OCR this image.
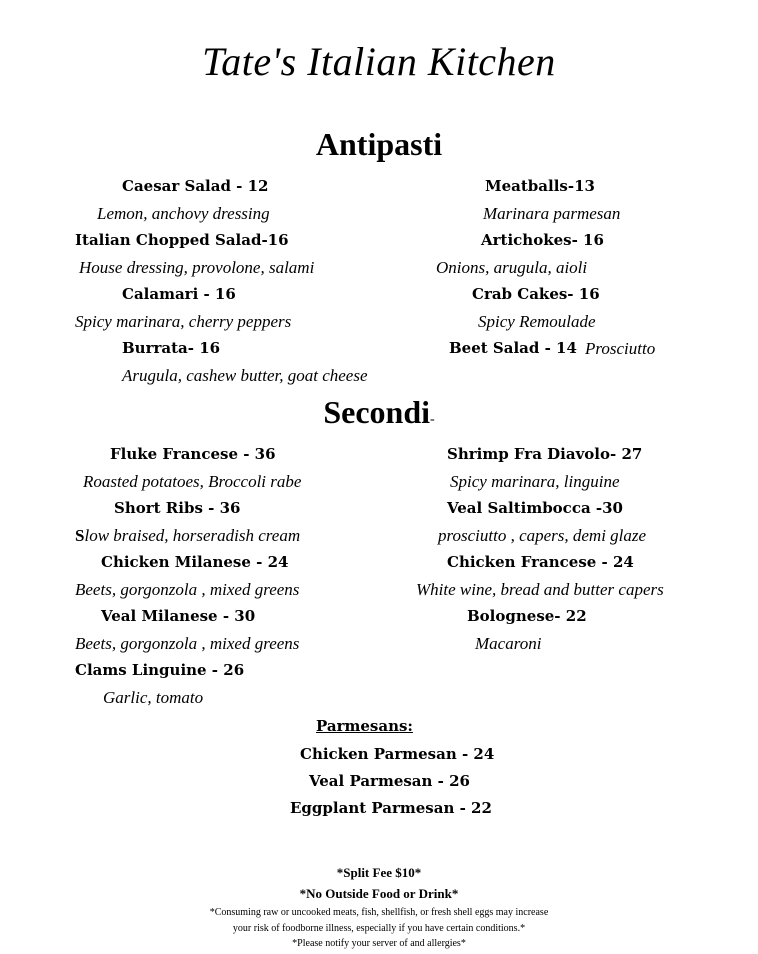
Tate's Italian Kitchen
Antipasti
Caesar Salad - 12
Lemon, anchovy dressing
Italian Chopped Salad-16
House dressing, provolone, salami
Calamari - 16
Spicy marinara, cherry peppers
Burrata- 16
Arugula, cashew butter, goat cheese
Meatballs-13
Marinara parmesan
Artichokes- 16
Onions, arugula, aioli
Crab Cakes- 16
Spicy Remoulade
Beet Salad - 14 Prosciutto
Secondi-
Fluke Francese - 36
Roasted potatoes, Broccoli rabe
Short Ribs - 36
Slow braised, horseradish cream
Chicken Milanese - 24
Beets, gorgonzola , mixed greens
Veal Milanese - 30
Beets, gorgonzola , mixed greens
Clams Linguine - 26
Garlic, tomato
Shrimp Fra Diavolo- 27
Spicy marinara, linguine
Veal Saltimbocca -30
prosciutto , capers, demi glaze
Chicken Francese - 24
White wine, bread and butter capers
Bolognese- 22
Macaroni
Parmesans:
Chicken Parmesan - 24
Veal Parmesan - 26
Eggplant Parmesan - 22
*Split Fee $10*
*No Outside Food or Drink*
*Consuming raw or uncooked meats, fish, shellfish, or fresh shell eggs may increase
your risk of foodborne illness, especially if you have certain conditions.*
*Please notify your server of and allergies*
